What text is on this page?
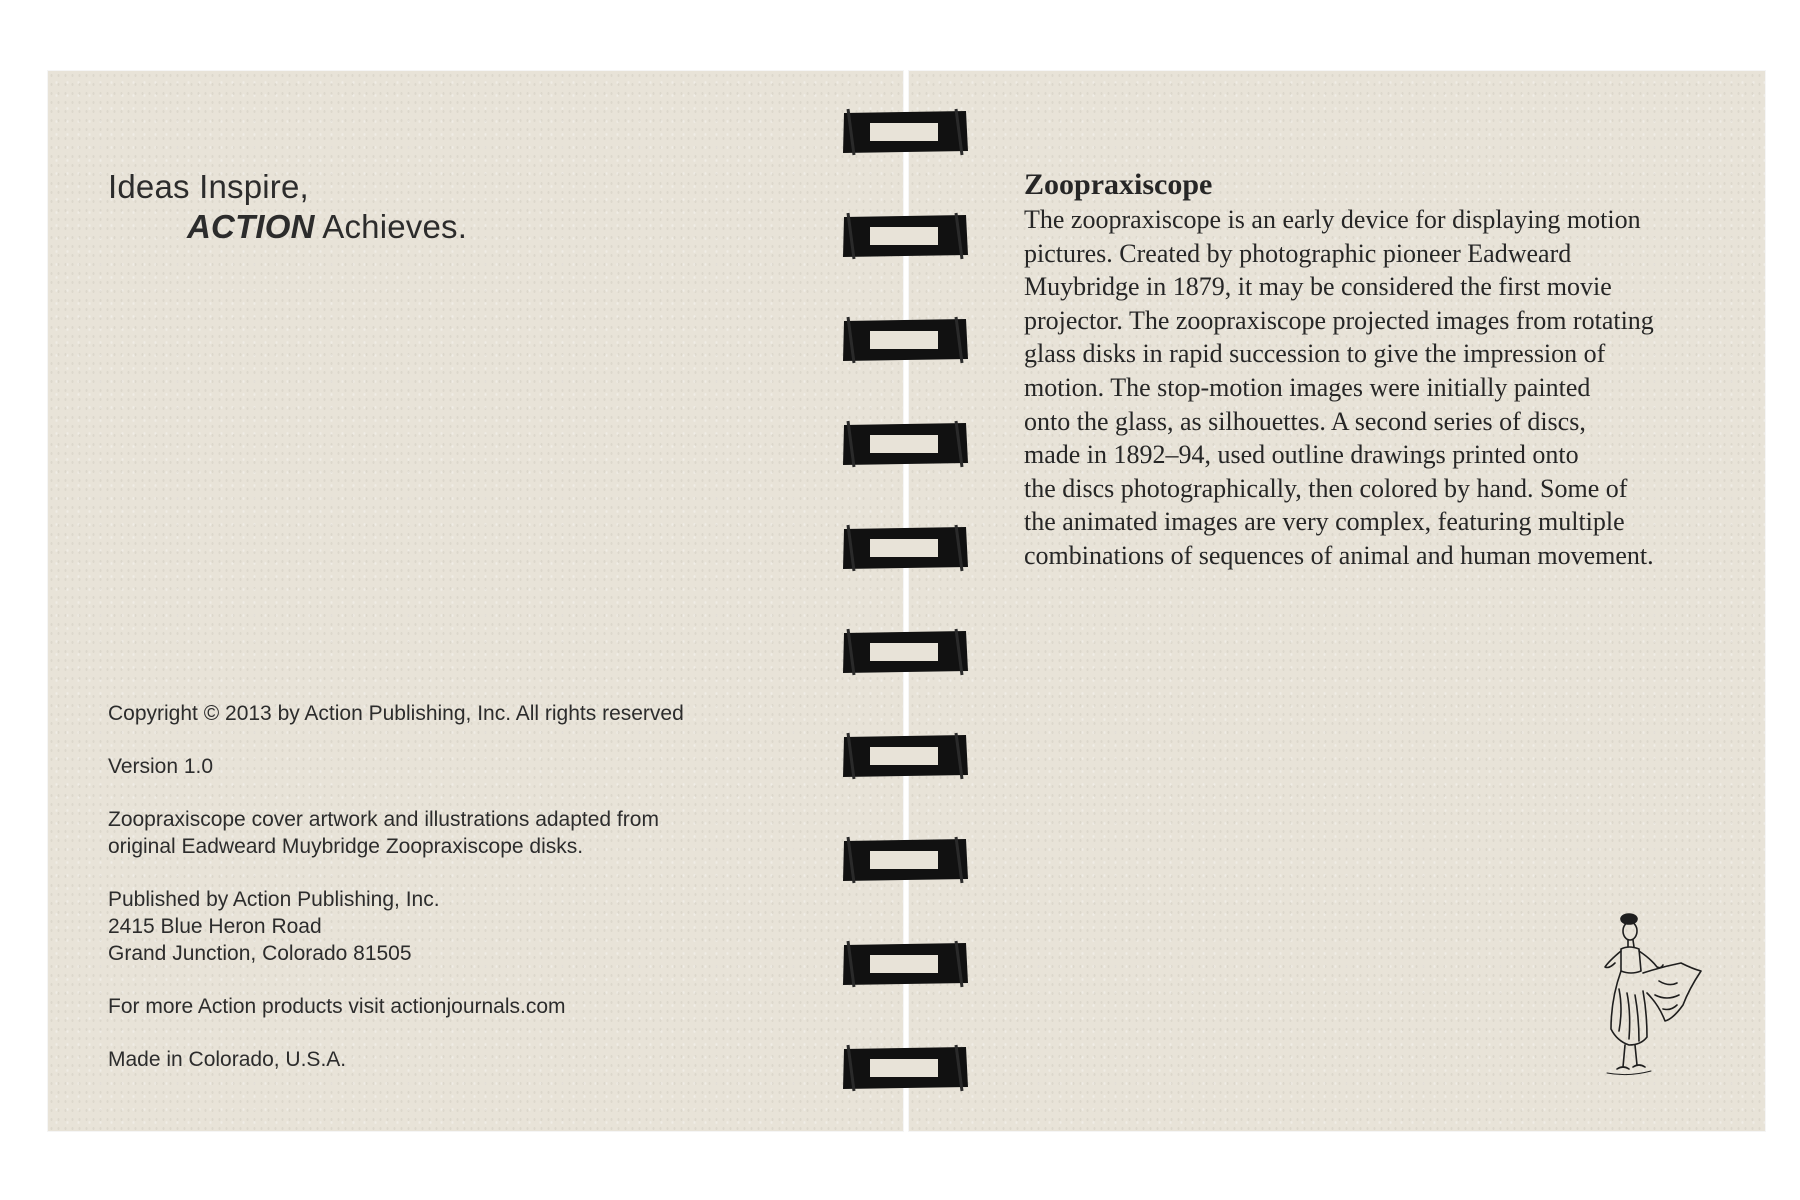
Ideas Inspire,
ACTION Achieves.

Copyright © 2013 by Action Publishing, Inc. All rights reserved

Version 1.0

Zoopraxiscope cover artwork and illustrations adapted from
original Eadweard Muybridge Zoopraxiscope disks.

Published by Action Publishing, Inc.
2415 Blue Heron Road
Grand Junction, Colorado 81505

For more Action products visit actionjournals.com

Made in Colorado, U.S.A.

Zoopraxiscope
The zoopraxiscope is an early device for displaying motion
pictures. Created by photographic pioneer Eadweard
Muybridge in 1879, it may be considered the first movie
projector. The zoopraxiscope projected images from rotating
glass disks in rapid succession to give the impression of
motion. The stop-motion images were initially painted
onto the glass, as silhouettes. A second series of discs,
made in 1892–94, used outline drawings printed onto
the discs photographically, then colored by hand. Some of
the animated images are very complex, featuring multiple
combinations of sequences of animal and human movement.
